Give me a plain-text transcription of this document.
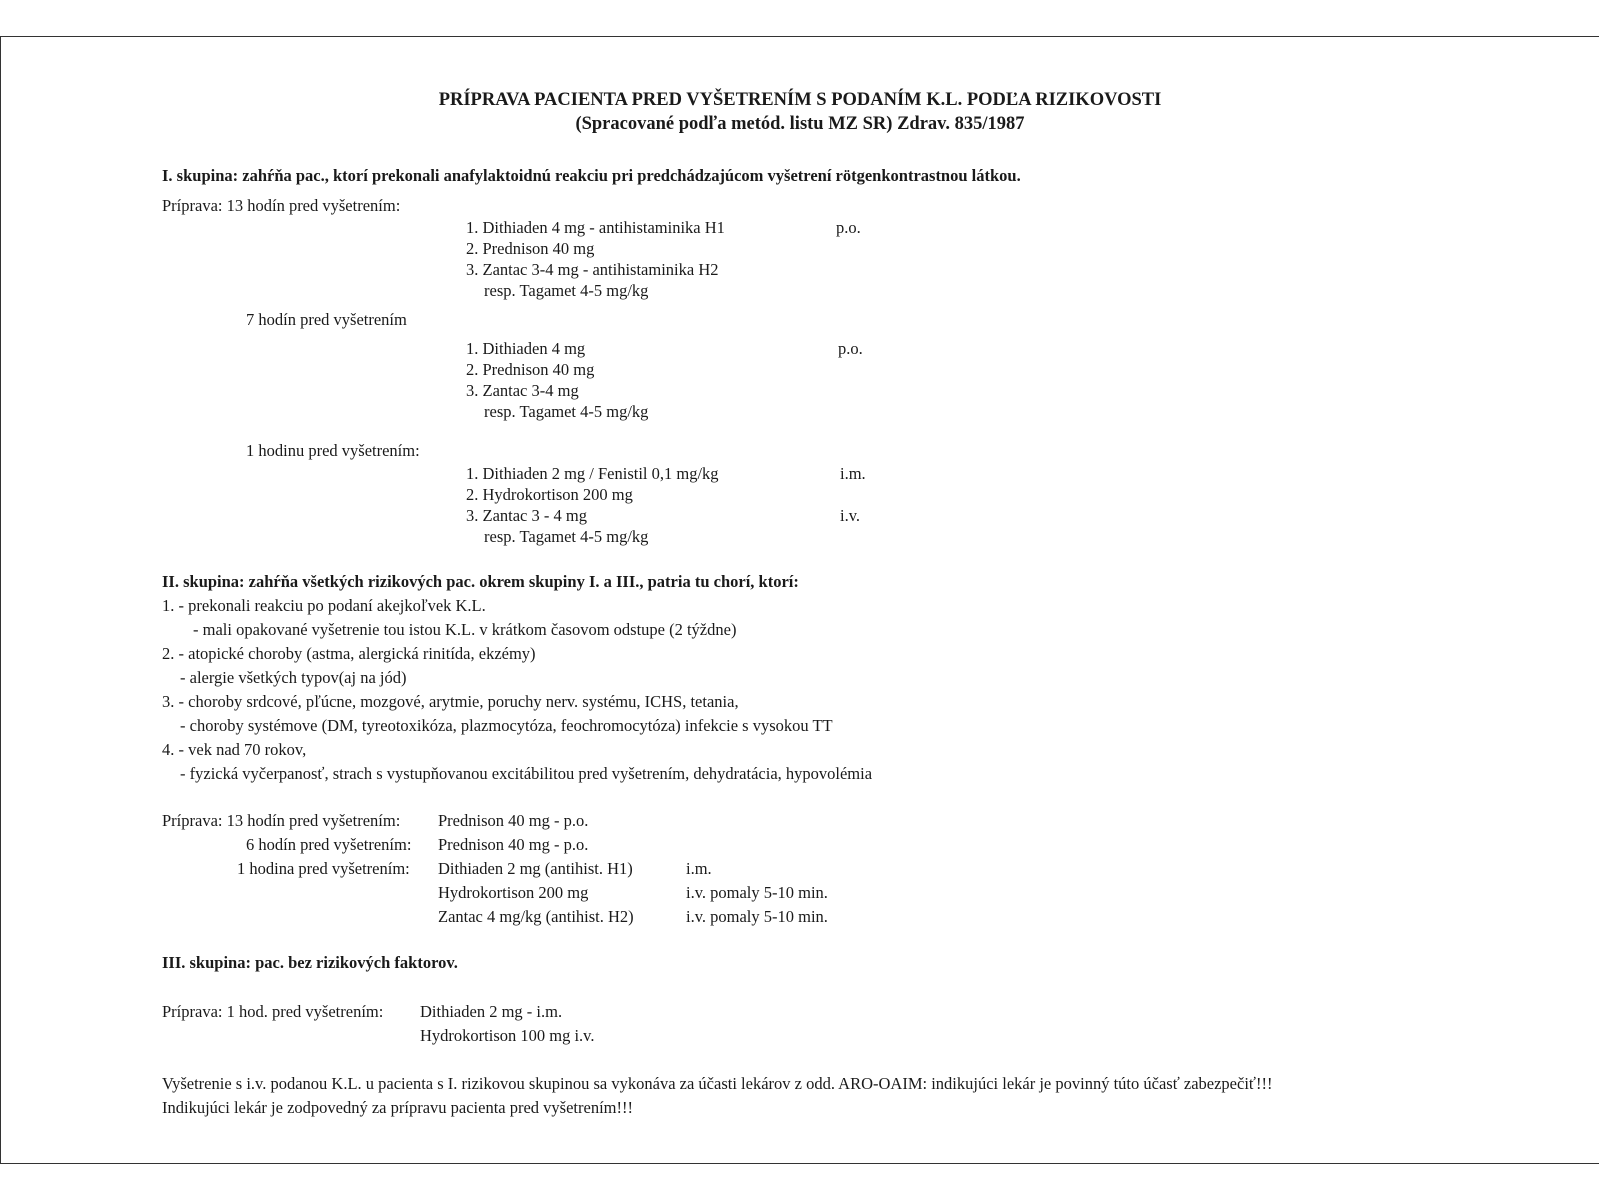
PRÍPRAVA PACIENTA PRED VYŠETRENÍM S PODANÍM K.L. PODĽA RIZIKOVOSTI
(Spracované podľa metód. listu MZ SR) Zdrav. 835/1987
I. skupina: zahŕňa pac., ktorí prekonali anafylaktoidnú reakciu pri predchádzajúcom vyšetrení rötgenkontrastnou látkou.
Príprava: 13 hodín pred vyšetrením:
1. Dithiaden 4 mg - antihistaminika H1	p.o.
2. Prednison 40 mg
3. Zantac 3-4 mg - antihistaminika H2
resp. Tagamet 4-5 mg/kg
7 hodín pred vyšetrením
1. Dithiaden 4 mg	p.o.
2. Prednison 40 mg
3. Zantac 3-4 mg
resp. Tagamet 4-5 mg/kg
1 hodinu pred vyšetrením:
1. Dithiaden 2 mg / Fenistil 0,1 mg/kg	i.m.
2. Hydrokortison 200 mg
3. Zantac 3 - 4 mg	i.v.
resp. Tagamet 4-5 mg/kg
II. skupina: zahŕňa všetkých rizikových pac. okrem skupiny I. a III., patria tu chorí, ktorí:
1. - prekonali reakciu po podaní akejkoľvek K.L.
- mali opakované vyšetrenie tou istou K.L. v krátkom časovom odstupe (2 týždne)
2. - atopické choroby (astma, alergická rinitída, ekzémy)
- alergie všetkých typov(aj na jód)
3. - choroby srdcové, pľúcne, mozgové, arytmie, poruchy nerv. systému, ICHS, tetania,
- choroby systémove (DM, tyreotoxikóza, plazmocytóza, feochromocytóza) infekcie s vysokou TT
4. - vek nad 70 rokov,
- fyzická vyčerpanosť, strach s vystupňovanou excitábilitou pred vyšetrením, dehydratácia, hypovolémia
Príprava: 13 hodín pred vyšetrením: Prednison 40 mg - p.o.
6 hodín pred vyšetrením: Prednison 40 mg - p.o.
1 hodina pred vyšetrením: Dithiaden 2 mg (antihist. H1)	i.m.
Hydrokortison 200 mg	i.v. pomaly 5-10 min.
Zantac 4 mg/kg (antihist. H2)	i.v. pomaly 5-10 min.
III. skupina: pac. bez rizikových faktorov.
Príprava: 1 hod. pred vyšetrením: Dithiaden 2 mg - i.m.
Hydrokortison 100 mg i.v.
Vyšetrenie s i.v. podanou K.L. u pacienta s I. rizikovou skupinou sa vykonáva za účasti lekárov z odd. ARO-OAIM: indikujúci lekár je povinný túto účasť zabezpečiť!!!
Indikujúci lekár je zodpovedný za prípravu pacienta pred vyšetrením!!!
